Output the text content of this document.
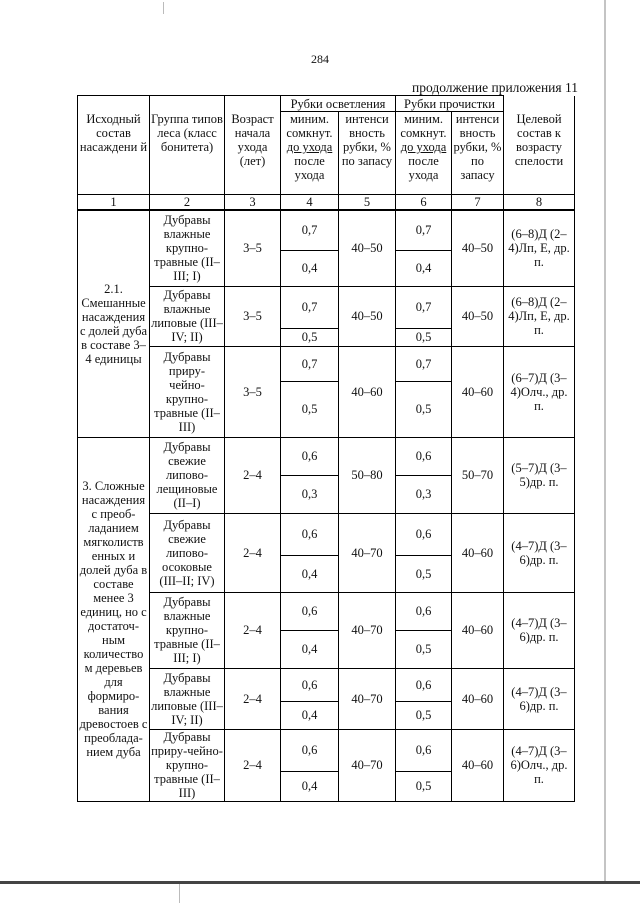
284
продолжение приложения 11
Исходный состав насаждени й	Группа типов леса (класс бонитета)	Возраст начала ухода (лет)	Рубки осветления		Рубки прочистки		Целевой состав к возрасту спелости
			миним. сомкнут.
до ухода
после ухода	интенси вность рубки, % по запасу	миним. сомкнут.
до ухода
после ухода	интенси вность рубки, % по запасу	
1	2	3	4	5	6	7	8
2.1. Смешанные насаждения с долей дуба в составе 3–4 единицы	Дубравы влажные крупно- травные (II–III; I)	3–5	0,7	40–50	0,7	40–50	(6–8)Д (2–4)Лп, Е, др. п.
			0,4		0,4		
	Дубравы влажные липовые (III–IV; II)	3–5	0,7	40–50	0,7	40–50	(6–8)Д (2–4)Лп, Е, др. п.
			0,5		0,5		
	Дубравы приру- чейно- крупно- травные (II–III)	3–5	0,7	40–60	0,7	40–60	(6–7)Д (3–4)Олч., др. п.
			0,5		0,5		
3. Сложные насаждения с преоб- ладанием мягколиств енных и долей дуба в составе менее 3 единиц, но с достаточ- ным количество м деревьев для формиро- вания древостоев с преоблада- нием дуба	Дубравы свежие липово- лещиновые (II–I)	2–4	0,6	50–80	0,6	50–70	(5–7)Д (3–5)др. п.
			0,3		0,3		
	Дубравы свежие липово- осоковые (III–II; IV)	2–4	0,6	40–70	0,6	40–60	(4–7)Д (3–6)др. п.
			0,4		0,5		
	Дубравы влажные крупно- травные (II–III; I)	2–4	0,6	40–70	0,6	40–60	(4–7)Д (3–6)др. п.
			0,4		0,5		
	Дубравы влажные липовые (III–IV; II)	2–4	0,6	40–70	0,6	40–60	(4–7)Д (3–6)др. п.
			0,4		0,5		
	Дубравы приру-чейно- крупно- травные (II–III)	2–4	0,6	40–70	0,6	40–60	(4–7)Д (3–6)Олч., др. п.
			0,4		0,5		
